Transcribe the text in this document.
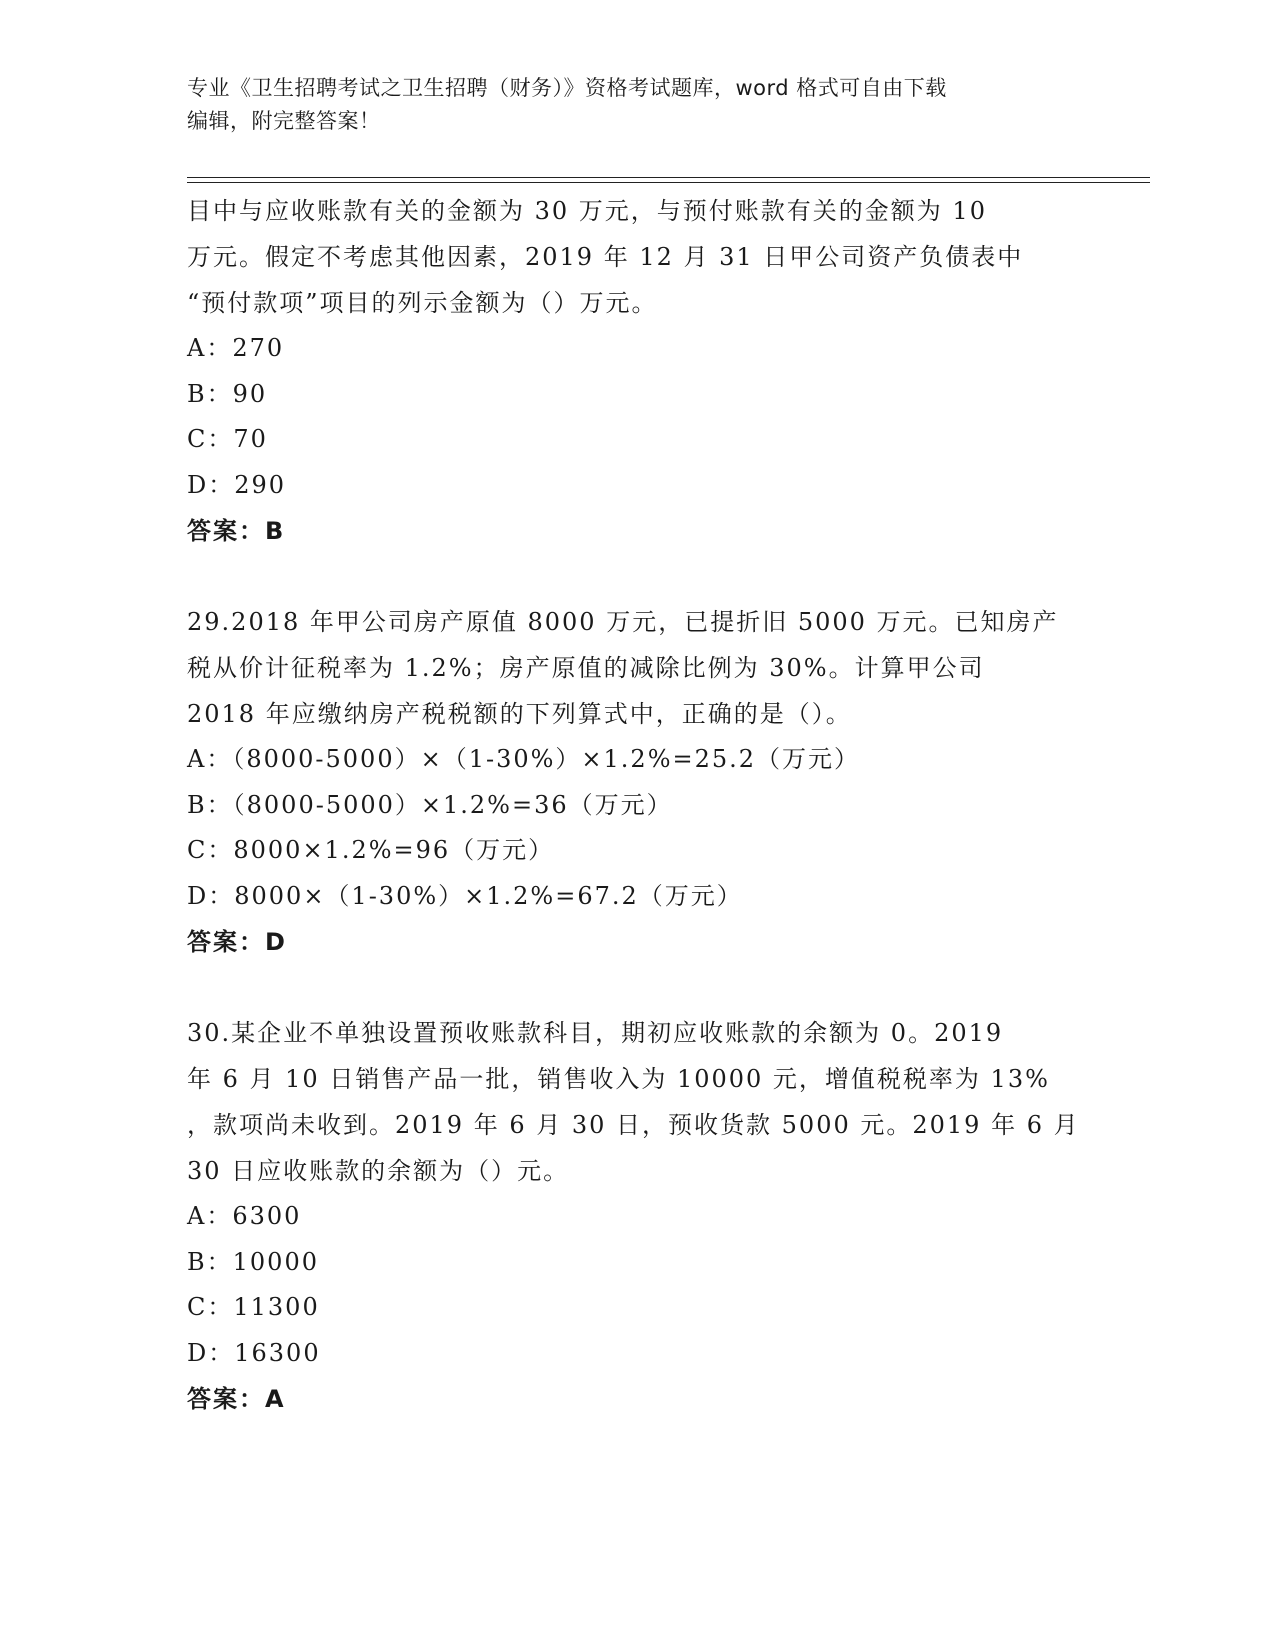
专业《卫生招聘考试之卫生招聘（财务）》资格考试题库，word 格式可自由下载
编辑，附完整答案！

目中与应收账款有关的金额为 30 万元，与预付账款有关的金额为 10

万元。假定不考虑其他因素，2019 年 12 月 31 日甲公司资产负债表中

“预付款项”项目的列示金额为（）万元。

A：270

B：90

C：70

D：290

答案：B

29.2018 年甲公司房产原值 8000 万元，已提折旧 5000 万元。已知房产

税从价计征税率为 1.2%；房产原值的减除比例为 30%。计算甲公司

2018 年应缴纳房产税税额的下列算式中，正确的是（）。

A：（8000-5000）×（1-30%）×1.2%=25.2（万元）

B：（8000-5000）×1.2%=36（万元）

C：8000×1.2%=96（万元）

D：8000×（1-30%）×1.2%=67.2（万元）

答案：D

30.某企业不单独设置预收账款科目，期初应收账款的余额为 0。2019

年 6 月 10 日销售产品一批，销售收入为 10000 元，增值税税率为 13%

，款项尚未收到。2019 年 6 月 30 日，预收货款 5000 元。2019 年 6 月

30 日应收账款的余额为（）元。

A：6300

B：10000

C：11300

D：16300

答案：A
